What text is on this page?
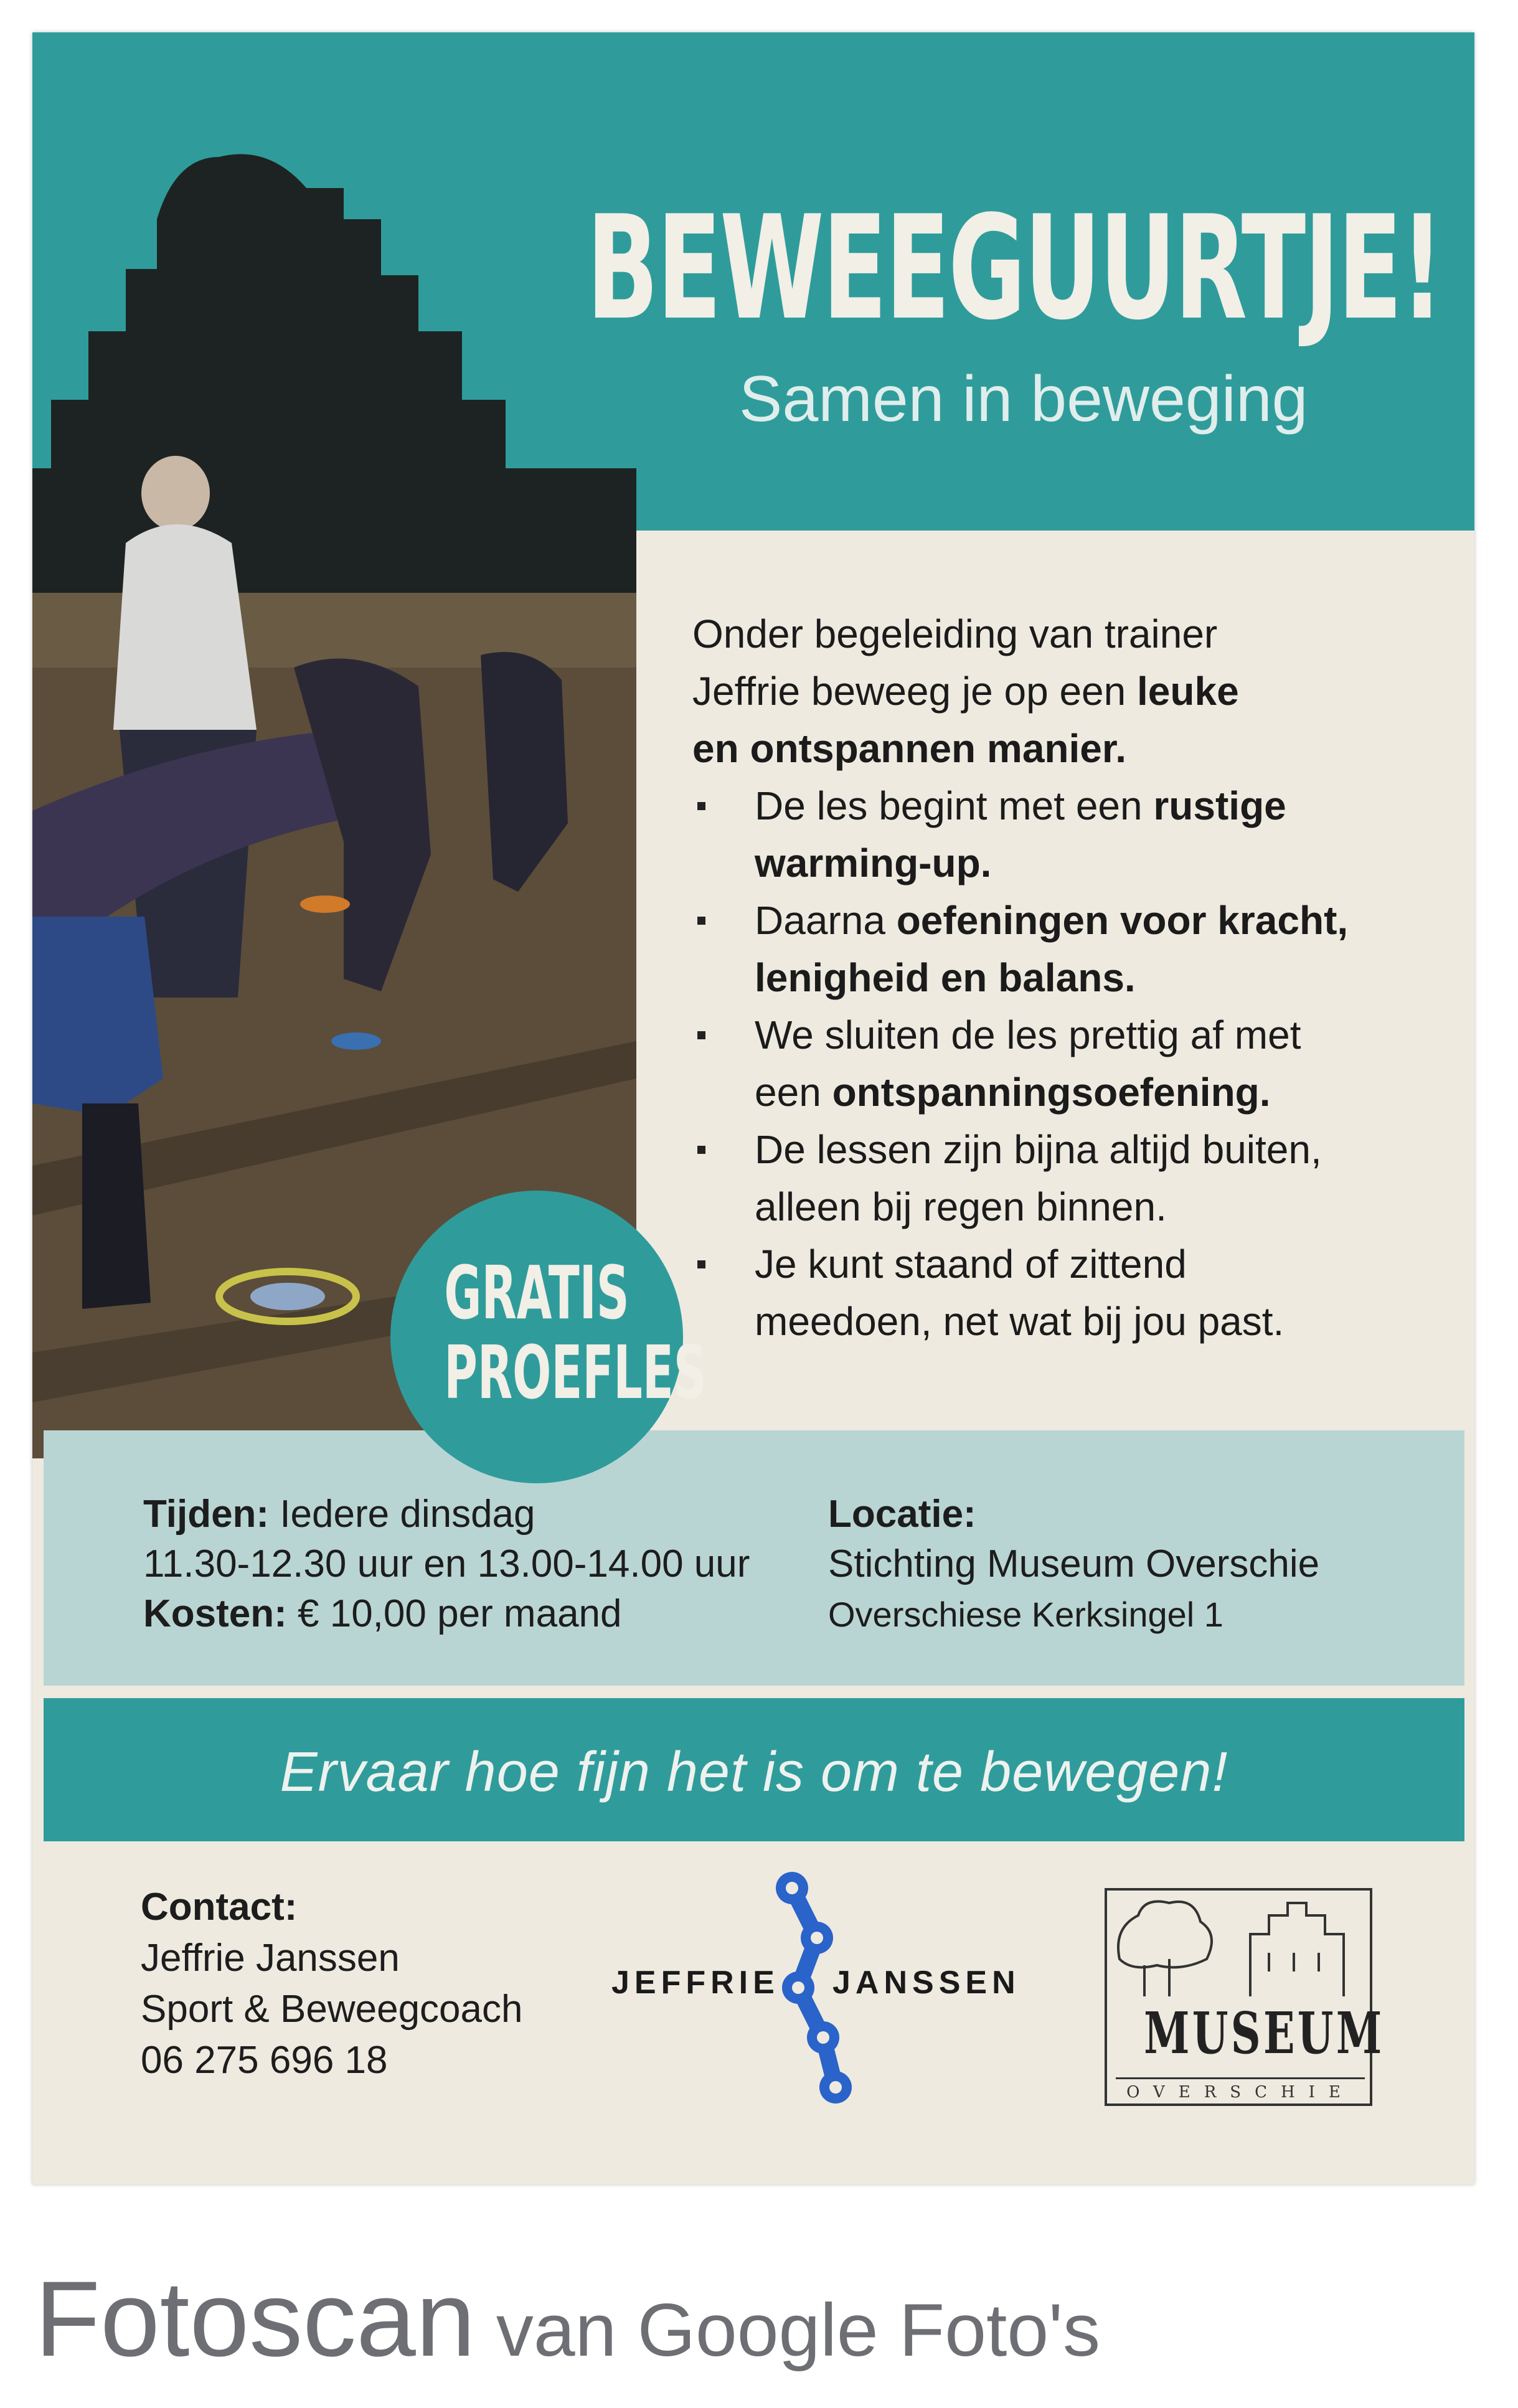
BEWEEGUURTJE!
Samen in beweging

Onder begeleiding van trainer
Jeffrie beweeg je op een leuke
en ontspannen manier.

De les begint met een rustige
warming-up.
Daarna oefeningen voor kracht,
lenigheid en balans.
We sluiten de les prettig af met
een ontspanningsoefening.
De lessen zijn bijna altijd buiten,
alleen bij regen binnen.
Je kunt staand of zittend
meedoen, net wat bij jou past.
Tijden: Iedere dinsdag
11.30-12.30 uur en 13.00-14.00 uur
Kosten: € 10,00 per maand
Locatie:
Stichting Museum Overschie
Overschiese Kerksingel 1
GRATIS
PROEFLES
Ervaar hoe fijn het is om te bewegen!
Contact:
Jeffrie Janssen
Sport & Beweegcoach
06 275 696 18
JEFFRIE JANSSEN
MUSEUM
OVERSCHIE
Fotoscan van Google Foto's
